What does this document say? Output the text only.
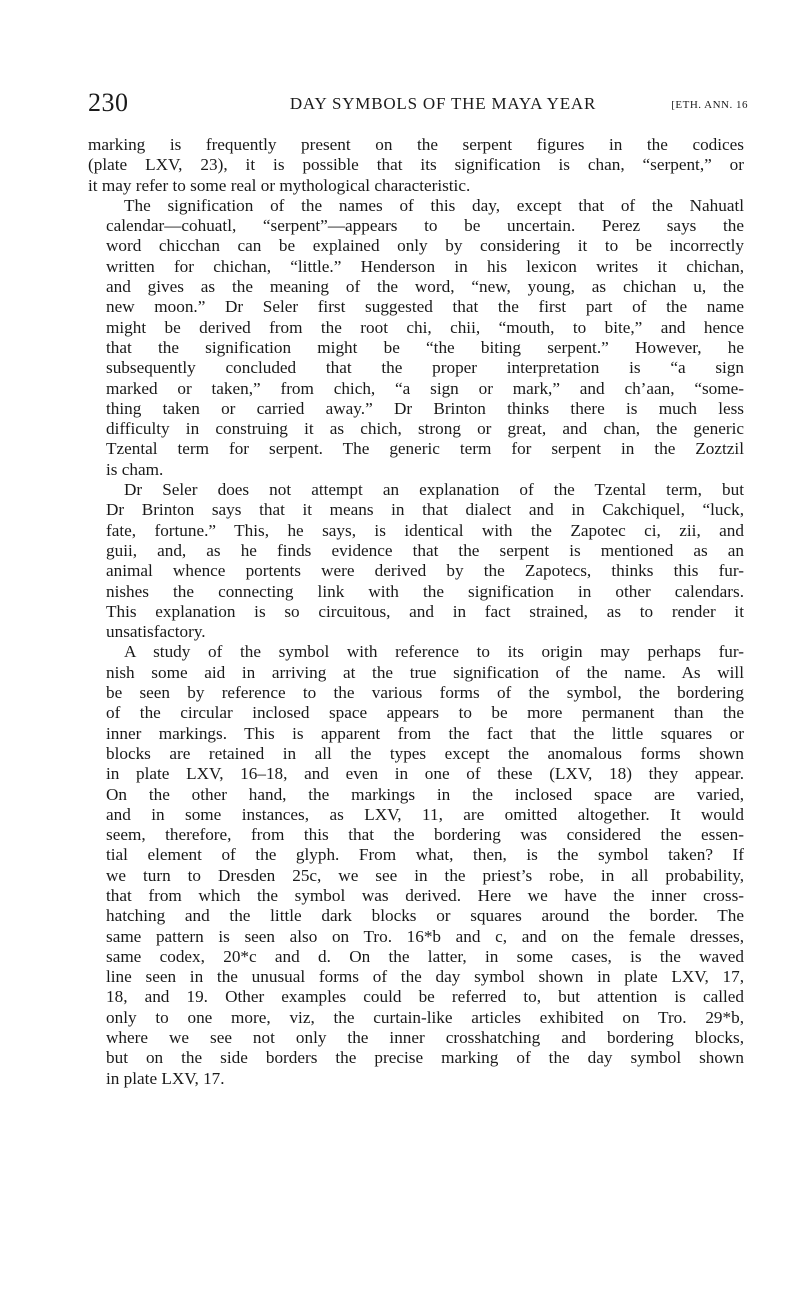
230	DAY SYMBOLS OF THE MAYA YEAR	[ETH. ANN. 16

marking is frequently present on the serpent figures in the codices
(plate LXV, 23), it is possible that its signification is chan, “serpent,” or
it may refer to some real or mythological characteristic.

The signification of the names of this day, except that of the Nahuatl
calendar—cohuatl, “serpent”—appears to be uncertain. Perez says the
word chicchan can be explained only by considering it to be incorrectly
written for chichan, “little.” Henderson in his lexicon writes it chichan,
and gives as the meaning of the word, “new, young, as chichan u, the
new moon.” Dr Seler first suggested that the first part of the name
might be derived from the root chi, chii, “mouth, to bite,” and hence
that the signification might be “the biting serpent.” However, he
subsequently concluded that the proper interpretation is “a sign
marked or taken,” from chich, “a sign or mark,” and ch’aan, “some-
thing taken or carried away.” Dr Brinton thinks there is much less
difficulty in construing it as chich, strong or great, and chan, the generic
Tzental term for serpent. The generic term for serpent in the Zoztzil
is cham.

Dr Seler does not attempt an explanation of the Tzental term, but
Dr Brinton says that it means in that dialect and in Cakchiquel, “luck,
fate, fortune.” This, he says, is identical with the Zapotec ci, zii, and
guii, and, as he finds evidence that the serpent is mentioned as an
animal whence portents were derived by the Zapotecs, thinks this fur-
nishes the connecting link with the signification in other calendars.
This explanation is so circuitous, and in fact strained, as to render it
unsatisfactory.

A study of the symbol with reference to its origin may perhaps fur-
nish some aid in arriving at the true signification of the name. As will
be seen by reference to the various forms of the symbol, the bordering
of the circular inclosed space appears to be more permanent than the
inner markings. This is apparent from the fact that the little squares or
blocks are retained in all the types except the anomalous forms shown
in plate LXV, 16–18, and even in one of these (LXV, 18) they appear.
On the other hand, the markings in the inclosed space are varied,
and in some instances, as LXV, 11, are omitted altogether. It would
seem, therefore, from this that the bordering was considered the essen-
tial element of the glyph. From what, then, is the symbol taken? If
we turn to Dresden 25c, we see in the priest’s robe, in all probability,
that from which the symbol was derived. Here we have the inner cross-
hatching and the little dark blocks or squares around the border. The
same pattern is seen also on Tro. 16*b and c, and on the female dresses,
same codex, 20*c and d. On the latter, in some cases, is the waved
line seen in the unusual forms of the day symbol shown in plate LXV, 17,
18, and 19. Other examples could be referred to, but attention is called
only to one more, viz, the curtain-like articles exhibited on Tro. 29*b,
where we see not only the inner crosshatching and bordering blocks,
but on the side borders the precise marking of the day symbol shown
in plate LXV, 17.
